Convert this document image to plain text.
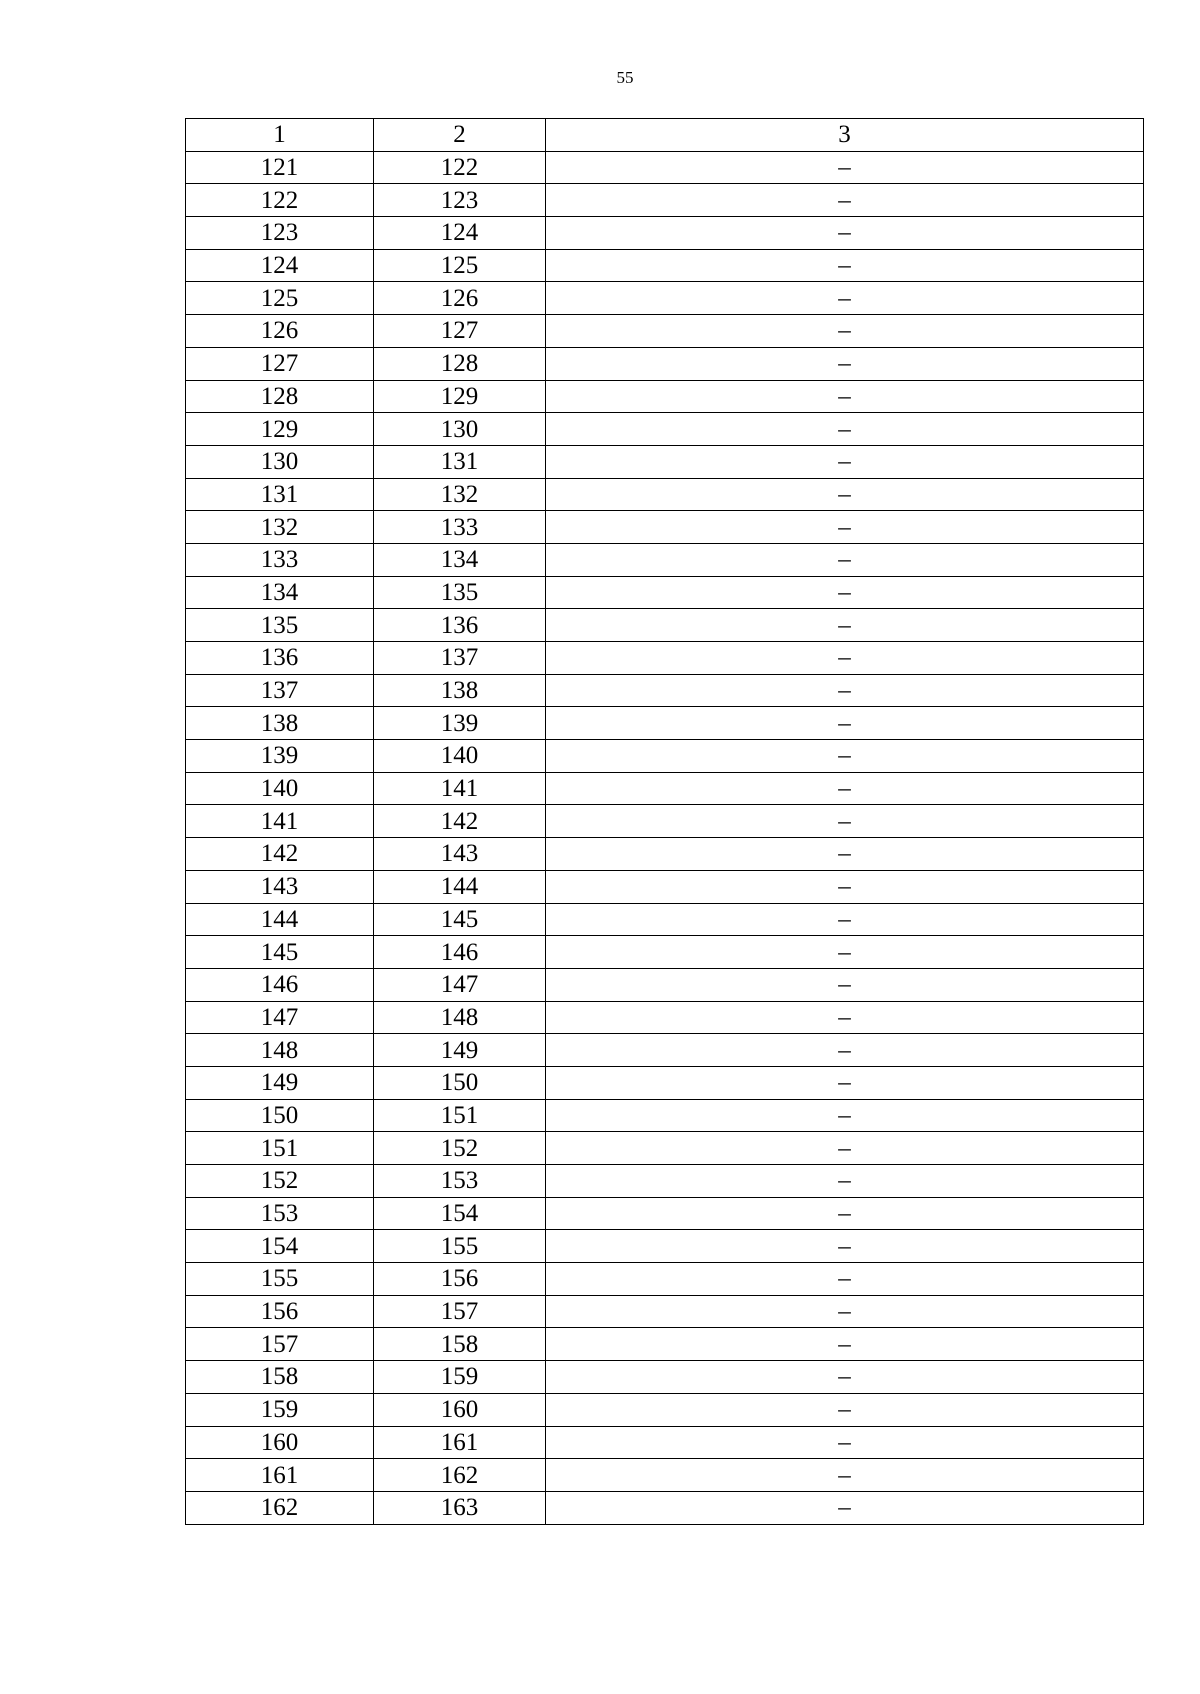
55
1	2	3
121	122	–
122	123	–
123	124	–
124	125	–
125	126	–
126	127	–
127	128	–
128	129	–
129	130	–
130	131	–
131	132	–
132	133	–
133	134	–
134	135	–
135	136	–
136	137	–
137	138	–
138	139	–
139	140	–
140	141	–
141	142	–
142	143	–
143	144	–
144	145	–
145	146	–
146	147	–
147	148	–
148	149	–
149	150	–
150	151	–
151	152	–
152	153	–
153	154	–
154	155	–
155	156	–
156	157	–
157	158	–
158	159	–
159	160	–
160	161	–
161	162	–
162	163	–
